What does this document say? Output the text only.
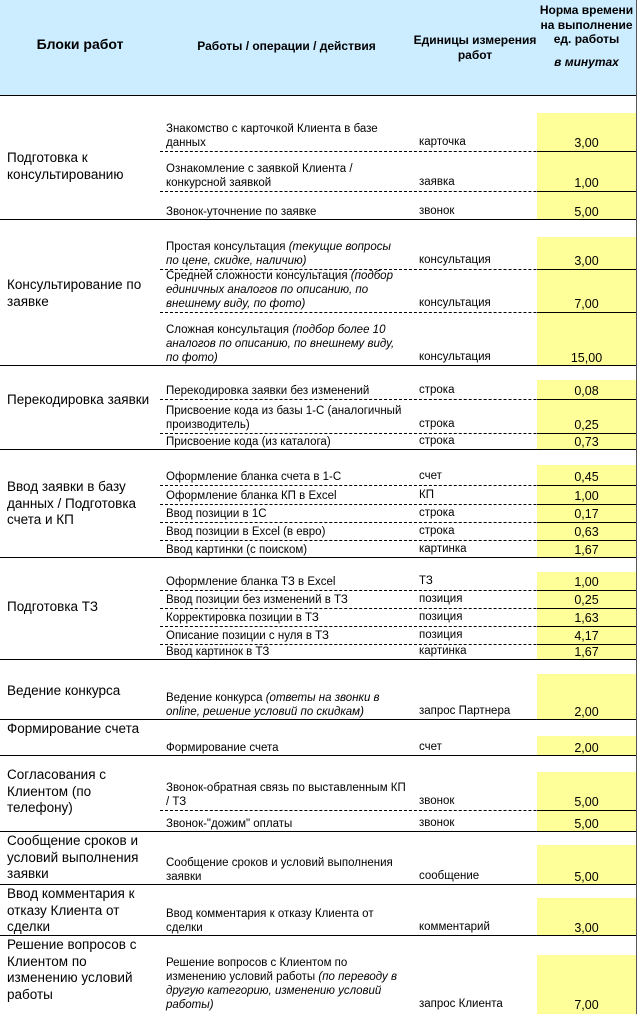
Блоки работ	Работы / операции / действия	Единицы измерения работ
Норма времени на выполнение ед. работы
в минутах
Подготовка к консультированию
Знакомство с карточкой Клиента в базе данных	карточка	3,00
Ознакомление с заявкой Клиента / конкурсной заявкой	заявка	1,00
Звонок-уточнение по заявке	звонок	5,00
Консультирование по заявке
Простая консультация (текущие вопросы по цене, скидке, наличию)	консультация	3,00
Средней сложности консультация (подбор единичных аналогов по описанию, по внешнему виду, по фото)	консультация	7,00
Сложная консультация (подбор более 10 аналогов по описанию, по внешнему виду, по фото)	консультация	15,00
Перекодировка заявки
Перекодировка заявки без изменений	строка	0,08
Присвоение кода из базы 1-С (аналогичный производитель)	строка	0,25
Присвоение кода (из каталога)	строка	0,73
Ввод заявки в базу данных / Подготовка счета и КП
Оформление бланка счета в 1-С	счет	0,45
Оформление бланка КП в Excel	КП	1,00
Ввод позиции в 1С	строка	0,17
Ввод позиции в Excel (в евро)	строка	0,63
Ввод картинки (с поиском)	картинка	1,67
Подготовка ТЗ
Оформление бланка ТЗ в Excel	ТЗ	1,00
Ввод позиции без изменений в ТЗ	позиция	0,25
Корректировка позиции в ТЗ	позиция	1,63
Описание позиции с нуля в ТЗ	позиция	4,17
Ввод картинок в ТЗ	картинка	1,67
Ведение конкурса	Ведение конкурса (ответы на звонки в online, решение условий по скидкам)	запрос Партнера	2,00
Формирование счета
Формирование счета	счет	2,00
Согласования с Клиентом (по телефону)
Звонок-обратная связь по выставленным КП / ТЗ	звонок	5,00
Звонок-"дожим" оплаты	звонок	5,00
Сообщение сроков и условий выполнения заявки
Сообщение сроков и условий выполнения заявки	сообщение	5,00
Ввод комментария к отказу Клиента от сделки
Ввод комментария к отказу Клиента от сделки	комментарий	3,00
Решение вопросов с Клиентом по изменению условий работы
Решение вопросов с Клиентом по изменению условий работы (по переводу в другую категорию, изменению условий работы)	запрос Клиента	7,00
